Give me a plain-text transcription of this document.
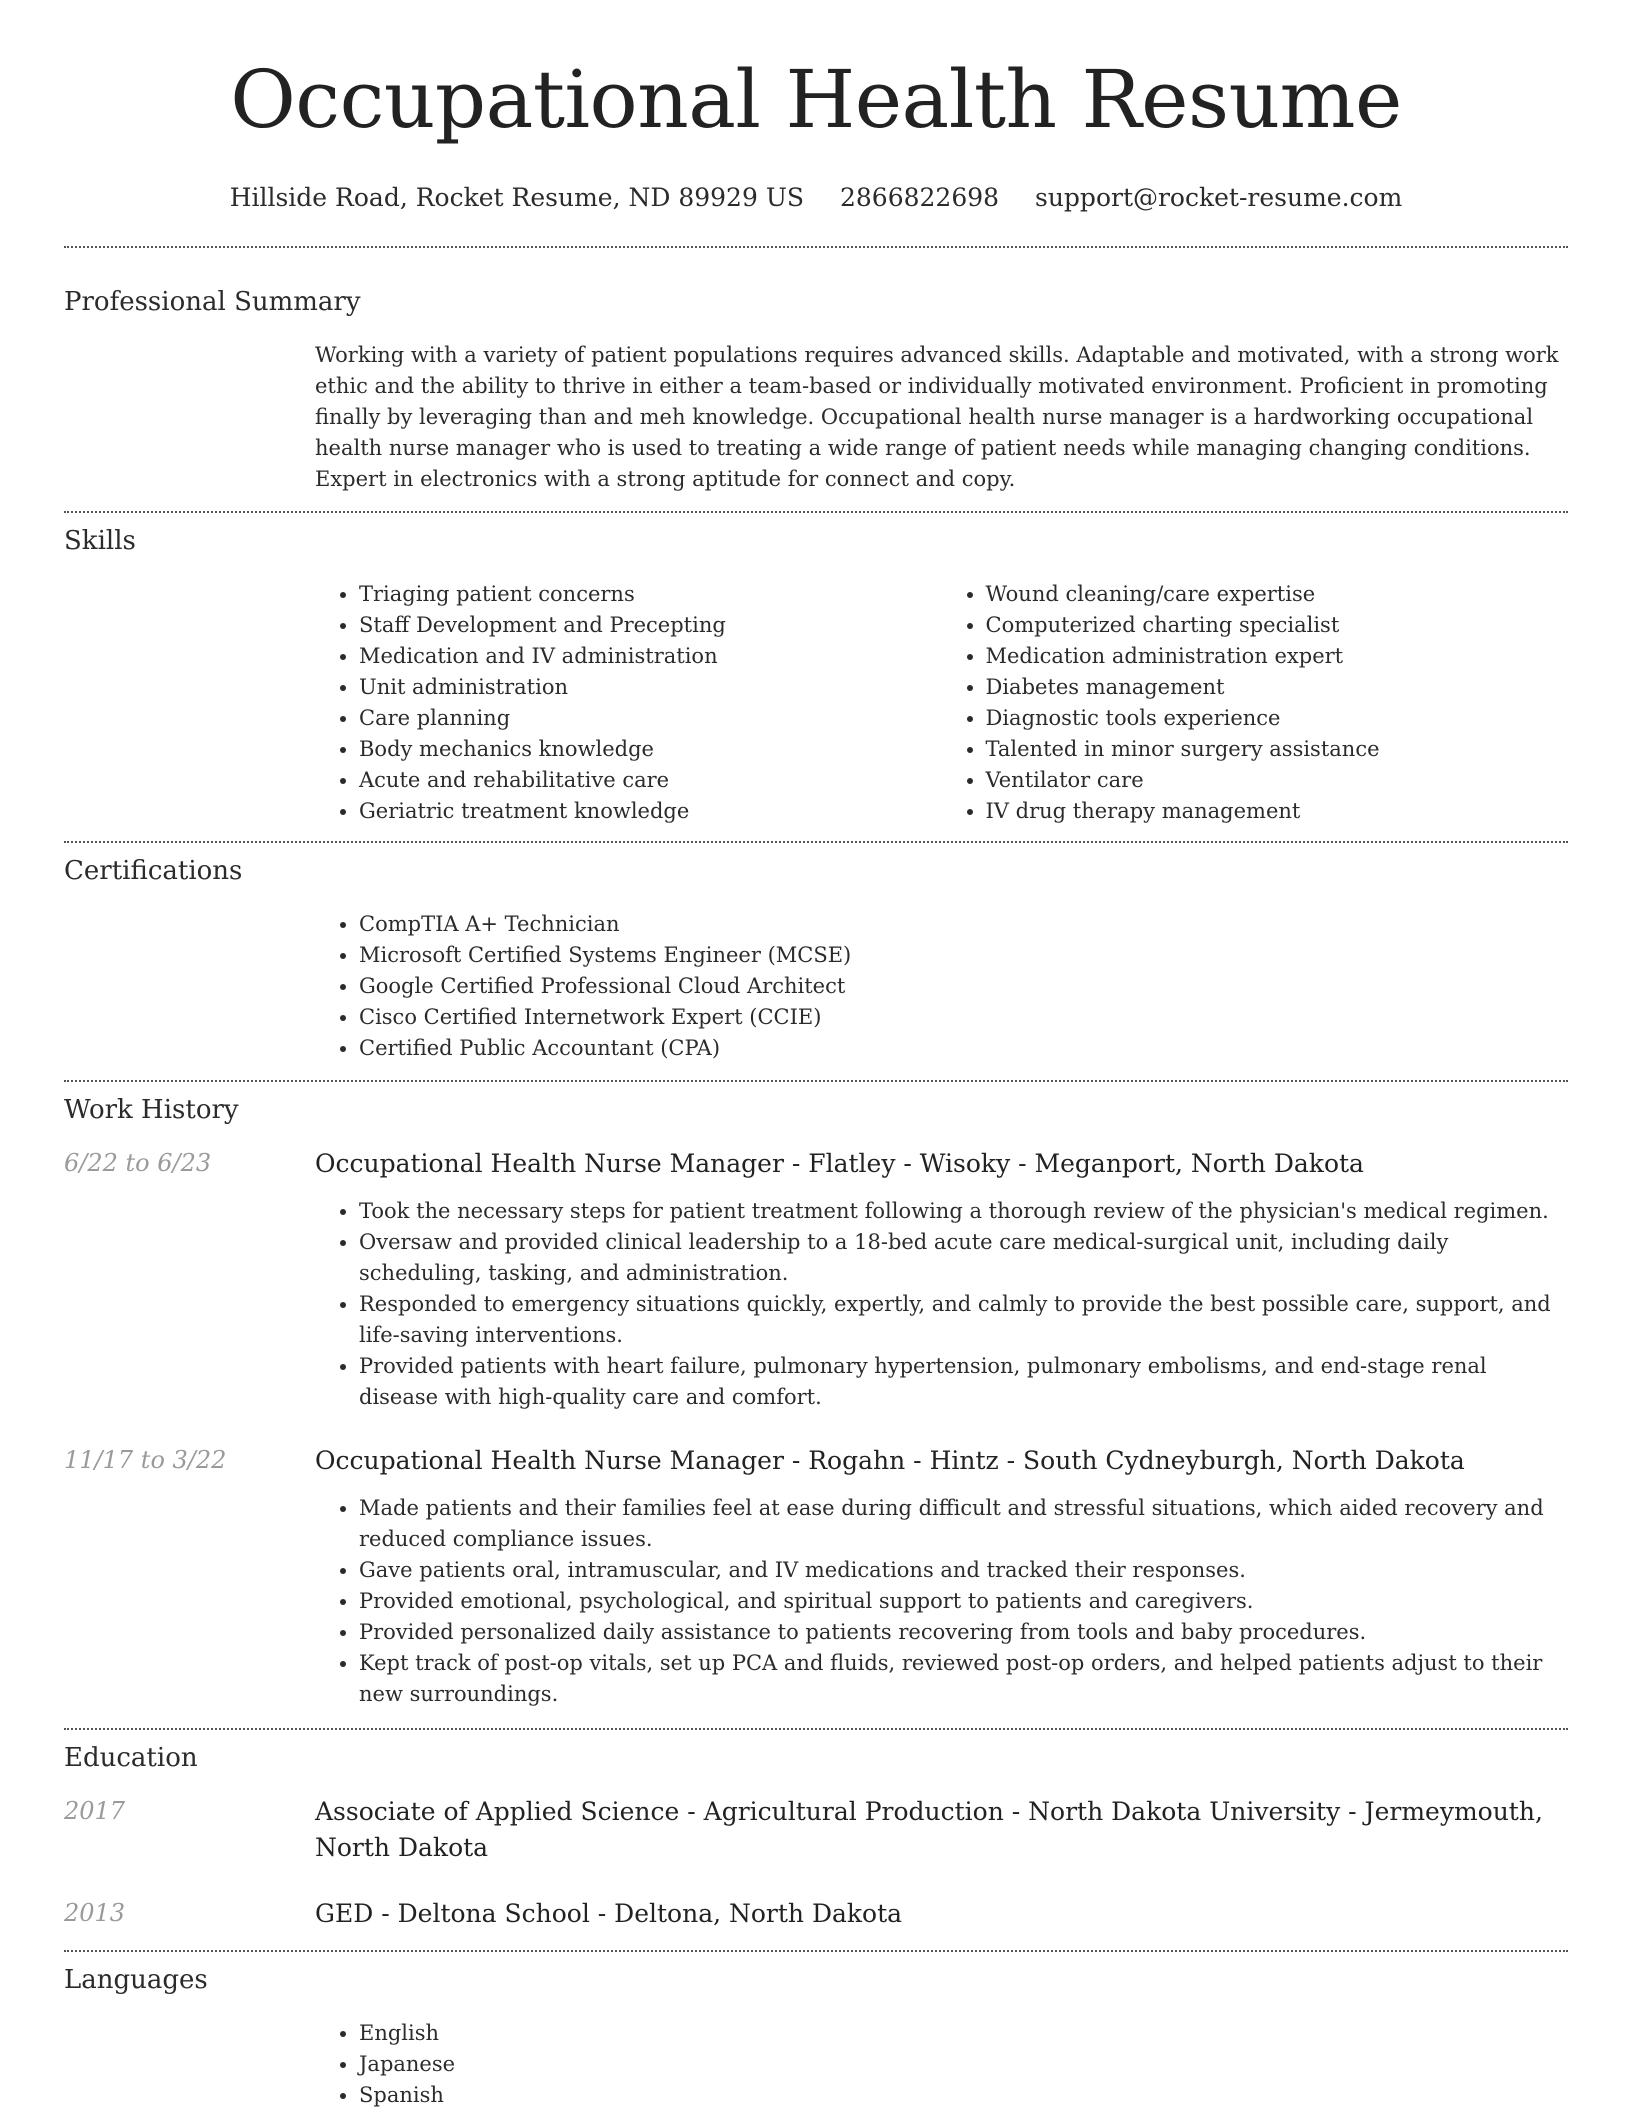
Occupational Health Resume
Hillside Road, Rocket Resume, ND 89929 US 2866822698 support@rocket-resume.com
Professional Summary

Working with a variety of patient populations requires advanced skills. Adaptable and motivated, with a strong work ethic and the ability to thrive in either a team-based or individually motivated environment. Proficient in promoting finally by leveraging than and meh knowledge. Occupational health nurse manager is a hardworking occupational health nurse manager who is used to treating a wide range of patient needs while managing changing conditions. Expert in electronics with a strong aptitude for connect and copy.

Skills
• Triaging patient concerns
• Staff Development and Precepting
• Medication and IV administration
• Unit administration
• Care planning
• Body mechanics knowledge
• Acute and rehabilitative care
• Geriatric treatment knowledge
• Wound cleaning/care expertise
• Computerized charting specialist
• Medication administration expert
• Diabetes management
• Diagnostic tools experience
• Talented in minor surgery assistance
• Ventilator care
• IV drug therapy management
Certifications
• CompTIA A+ Technician
• Microsoft Certified Systems Engineer (MCSE)
• Google Certified Professional Cloud Architect
• Cisco Certified Internetwork Expert (CCIE)
• Certified Public Accountant (CPA)
Work History
6/22 to 6/23	Occupational Health Nurse Manager - Flatley - Wisoky - Meganport, North Dakota
• Took the necessary steps for patient treatment following a thorough review of the physician's medical regimen.
• Oversaw and provided clinical leadership to a 18-bed acute care medical-surgical unit, including daily scheduling, tasking, and administration.
• Responded to emergency situations quickly, expertly, and calmly to provide the best possible care, support, and life-saving interventions.
• Provided patients with heart failure, pulmonary hypertension, pulmonary embolisms, and end-stage renal disease with high-quality care and comfort.
11/17 to 3/22	Occupational Health Nurse Manager - Rogahn - Hintz - South Cydneyburgh, North Dakota
• Made patients and their families feel at ease during difficult and stressful situations, which aided recovery and reduced compliance issues.
• Gave patients oral, intramuscular, and IV medications and tracked their responses.
• Provided emotional, psychological, and spiritual support to patients and caregivers.
• Provided personalized daily assistance to patients recovering from tools and baby procedures.
• Kept track of post-op vitals, set up PCA and fluids, reviewed post-op orders, and helped patients adjust to their new surroundings.
Education
2017	Associate of Applied Science - Agricultural Production - North Dakota University - Jermeymouth, North Dakota
2013	GED - Deltona School - Deltona, North Dakota
Languages
• English
• Japanese
• Spanish
